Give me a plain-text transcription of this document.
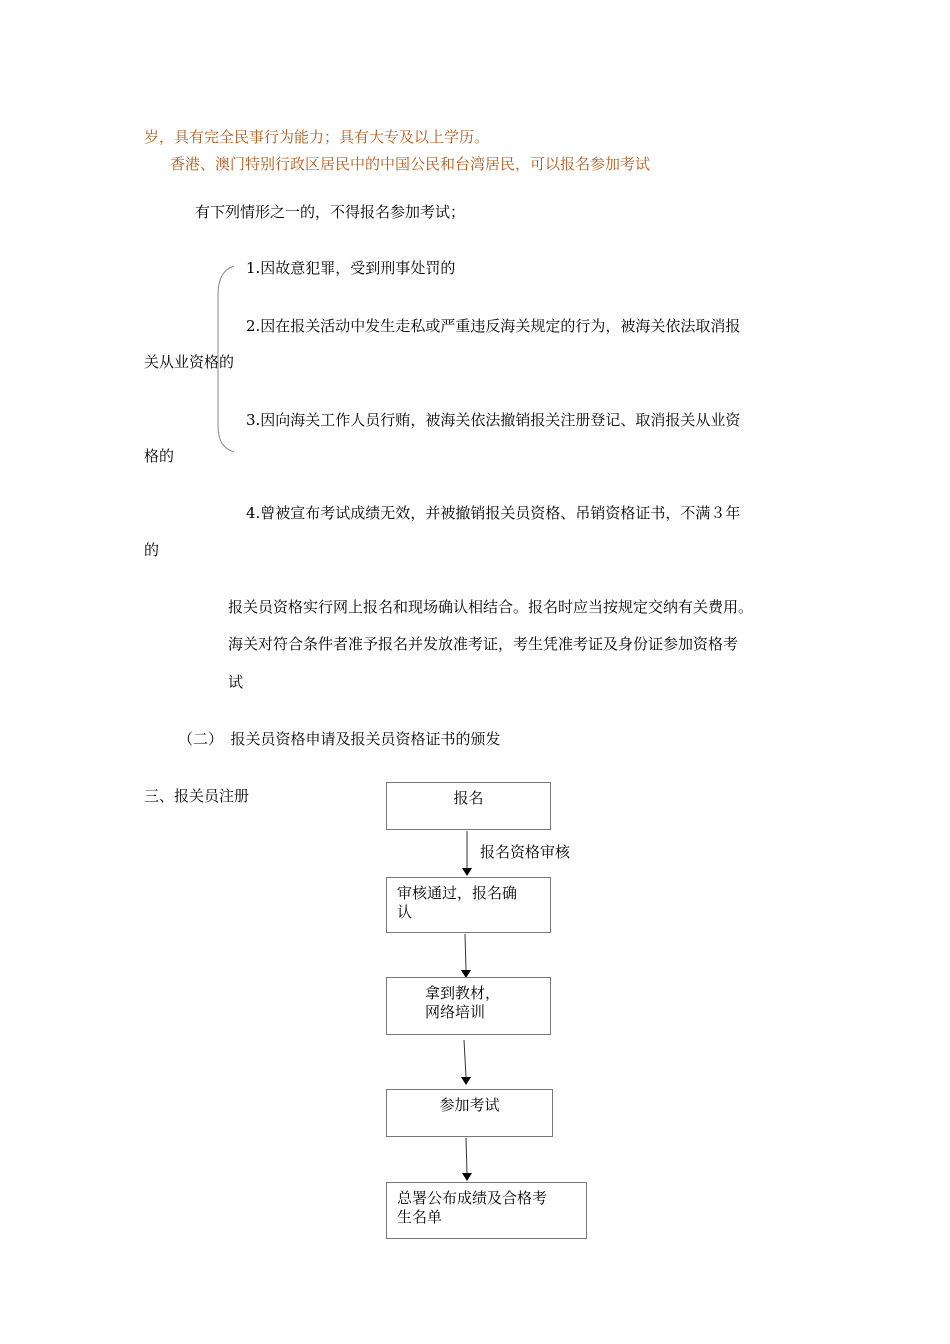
岁，具有完全民事行为能力；具有大专及以上学历。
香港、澳门特别行政区居民中的中国公民和台湾居民，可以报名参加考试
有下列情形之一的，不得报名参加考试；
1.因故意犯罪，受到刑事处罚的
2.因在报关活动中发生走私或严重违反海关规定的行为，被海关依法取消报
关从业资格的
3.因向海关工作人员行贿，被海关依法撤销报关注册登记、取消报关从业资
格的
4.曾被宣布考试成绩无效，并被撤销报关员资格、吊销资格证书，不满３年
的
报关员资格实行网上报名和现场确认相结合。报名时应当按规定交纳有关费用。
海关对符合条件者准予报名并发放准考证，考生凭准考证及身份证参加资格考
试
（二）　报关员资格申请及报关员资格证书的颁发
三、报关员注册	报名
报名资格审核
审核通过，报名确
认
拿到教材，
网络培训
参加考试
总署公布成绩及合格考
生名单
